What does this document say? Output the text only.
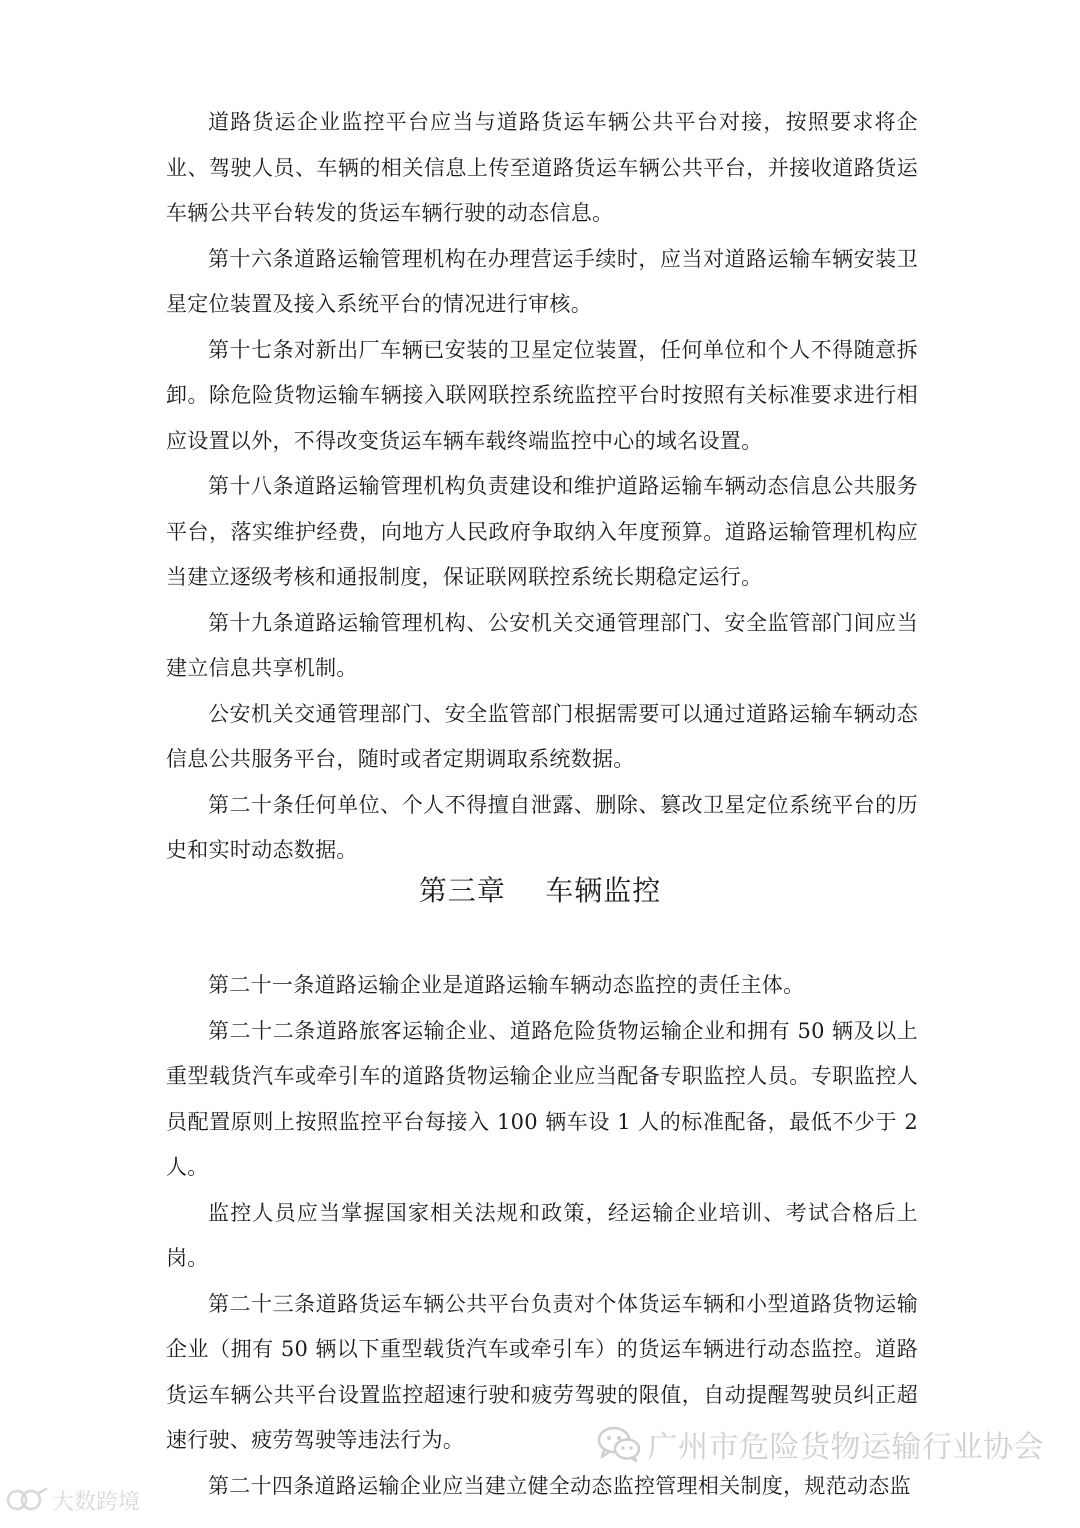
道路货运企业监控平台应当与道路货运车辆公共平台对接，按照要求将企业、驾驶人员、车辆的相关信息上传至道路货运车辆公共平台，并接收道路货运车辆公共平台转发的货运车辆行驶的动态信息。

第十六条道路运输管理机构在办理营运手续时，应当对道路运输车辆安装卫星定位装置及接入系统平台的情况进行审核。

第十七条对新出厂车辆已安装的卫星定位装置，任何单位和个人不得随意拆卸。除危险货物运输车辆接入联网联控系统监控平台时按照有关标准要求进行相应设置以外，不得改变货运车辆车载终端监控中心的域名设置。

第十八条道路运输管理机构负责建设和维护道路运输车辆动态信息公共服务平台，落实维护经费，向地方人民政府争取纳入年度预算。道路运输管理机构应当建立逐级考核和通报制度，保证联网联控系统长期稳定运行。

第十九条道路运输管理机构、公安机关交通管理部门、安全监管部门间应当建立信息共享机制。

公安机关交通管理部门、安全监管部门根据需要可以通过道路运输车辆动态信息公共服务平台，随时或者定期调取系统数据。

第二十条任何单位、个人不得擅自泄露、删除、篡改卫星定位系统平台的历史和实时动态数据。

第三章    车辆监控

第二十一条道路运输企业是道路运输车辆动态监控的责任主体。

第二十二条道路旅客运输企业、道路危险货物运输企业和拥有 50 辆及以上重型载货汽车或牵引车的道路货物运输企业应当配备专职监控人员。专职监控人员配置原则上按照监控平台每接入 100 辆车设 1 人的标准配备，最低不少于 2 人。

监控人员应当掌握国家相关法规和政策，经运输企业培训、考试合格后上岗。

第二十三条道路货运车辆公共平台负责对个体货运车辆和小型道路货物运输企业（拥有 50 辆以下重型载货汽车或牵引车）的货运车辆进行动态监控。道路货运车辆公共平台设置监控超速行驶和疲劳驾驶的限值，自动提醒驾驶员纠正超速行驶、疲劳驾驶等违法行为。

第二十四条道路运输企业应当建立健全动态监控管理相关制度，规范动态监

广州市危险货物运输行业协会
大数跨境
